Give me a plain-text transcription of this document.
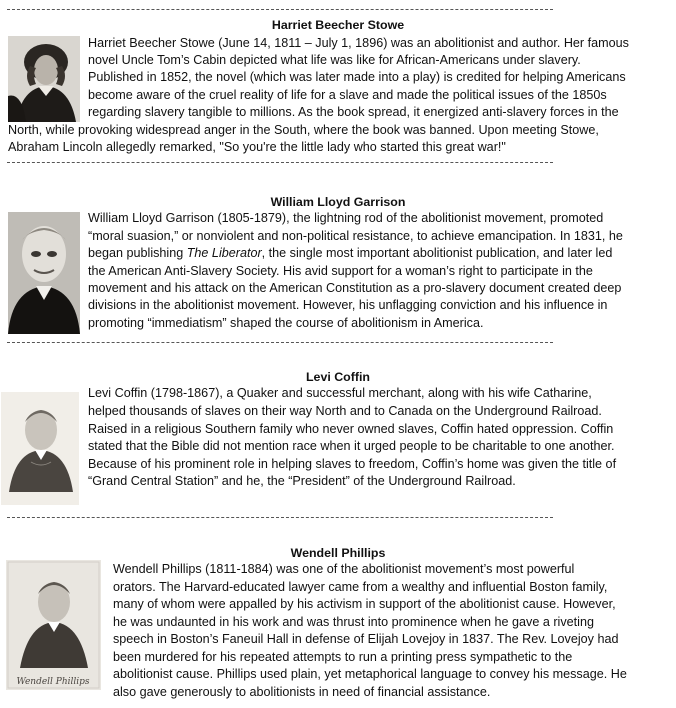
Harriet Beecher Stowe
Harriet Beecher Stowe (June 14, 1811 – July 1, 1896) was an abolitionist and author. Her famous
novel Uncle Tom’s Cabin depicted what life was like for African-Americans under slavery.
Published in 1852, the novel (which was later made into a play) is credited for helping Americans
become aware of the cruel reality of life for a slave and made the political issues of the 1850s
regarding slavery tangible to millions. As the book spread, it energized anti-slavery forces in the
North, while provoking widespread anger in the South, where the book was banned. Upon meeting Stowe,
Abraham Lincoln allegedly remarked, "So you're the little lady who started this great war!"
William Lloyd Garrison
William Lloyd Garrison (1805-1879), the lightning rod of the abolitionist movement, promoted
“moral suasion,” or nonviolent and non-political resistance, to achieve emancipation. In 1831, he
began publishing The Liberator, the single most important abolitionist publication, and later led
the American Anti-Slavery Society. His avid support for a woman’s right to participate in the
movement and his attack on the American Constitution as a pro-slavery document created deep
divisions in the abolitionist movement. However, his unflagging conviction and his influence in
promoting “immediatism” shaped the course of abolitionism in America.
Levi Coffin
Levi Coffin (1798-1867), a Quaker and successful merchant, along with his wife Catharine,
helped thousands of slaves on their way North and to Canada on the Underground Railroad.
Raised in a religious Southern family who never owned slaves, Coffin hated oppression. Coffin
stated that the Bible did not mention race when it urged people to be charitable to one another.
Because of his prominent role in helping slaves to freedom, Coffin’s home was given the title of
“Grand Central Station” and he, the “President” of the Underground Railroad.
Wendell Phillips
Wendell Phillips
Wendell Phillips (1811-1884) was one of the abolitionist movement’s most powerful
orators. The Harvard-educated lawyer came from a wealthy and influential Boston family,
many of whom were appalled by his activism in support of the abolitionist cause. However,
he was undaunted in his work and was thrust into prominence when he gave a riveting
speech in Boston’s Faneuil Hall in defense of Elijah Lovejoy in 1837. The Rev. Lovejoy had
been murdered for his repeated attempts to run a printing press sympathetic to the
abolitionist cause. Phillips used plain, yet metaphorical language to convey his message. He
also gave generously to abolitionists in need of financial assistance.
